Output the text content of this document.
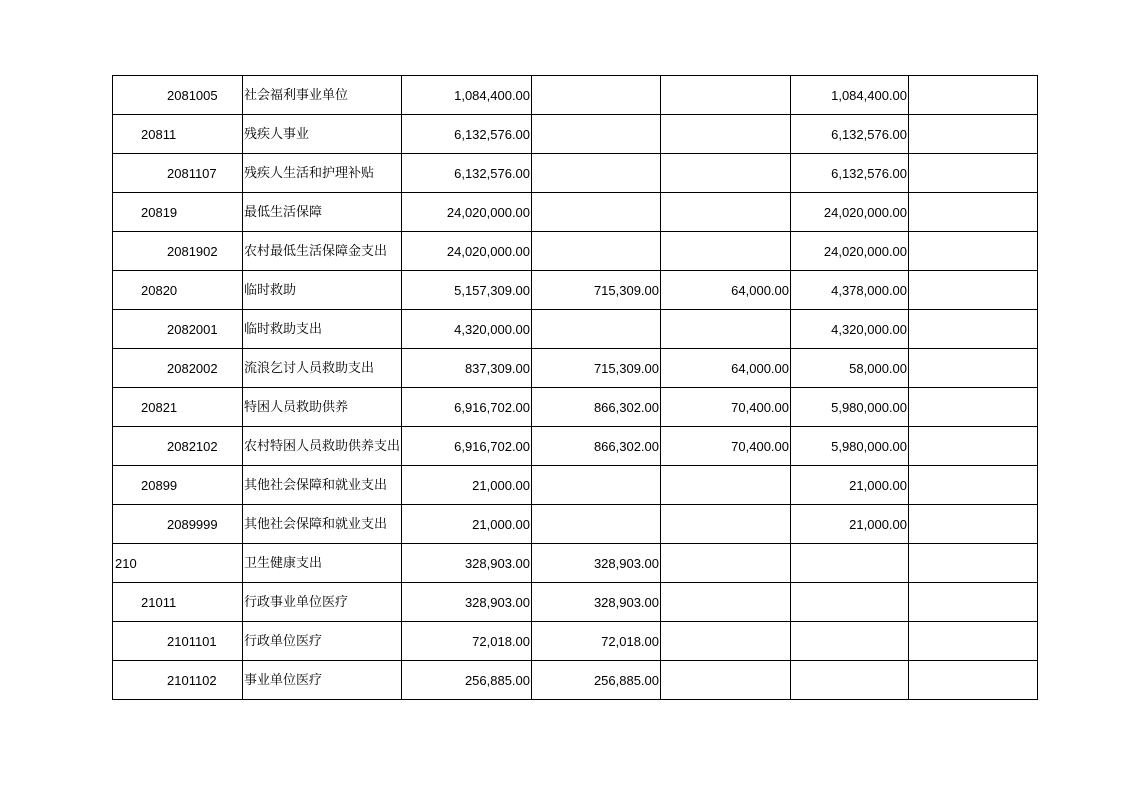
2081005	社会福利事业单位	1,084,400.00			1,084,400.00	
20811	残疾人事业	6,132,576.00			6,132,576.00	
2081107	残疾人生活和护理补贴	6,132,576.00			6,132,576.00	
20819	最低生活保障	24,020,000.00			24,020,000.00	
2081902	农村最低生活保障金支出	24,020,000.00			24,020,000.00	
20820	临时救助	5,157,309.00	715,309.00	64,000.00	4,378,000.00	
2082001	临时救助支出	4,320,000.00			4,320,000.00	
2082002	流浪乞讨人员救助支出	837,309.00	715,309.00	64,000.00	58,000.00	
20821	特困人员救助供养	6,916,702.00	866,302.00	70,400.00	5,980,000.00	
2082102	农村特困人员救助供养支出	6,916,702.00	866,302.00	70,400.00	5,980,000.00	
20899	其他社会保障和就业支出	21,000.00			21,000.00	
2089999	其他社会保障和就业支出	21,000.00			21,000.00	
210	卫生健康支出	328,903.00	328,903.00			
21011	行政事业单位医疗	328,903.00	328,903.00			
2101101	行政单位医疗	72,018.00	72,018.00			
2101102	事业单位医疗	256,885.00	256,885.00			
